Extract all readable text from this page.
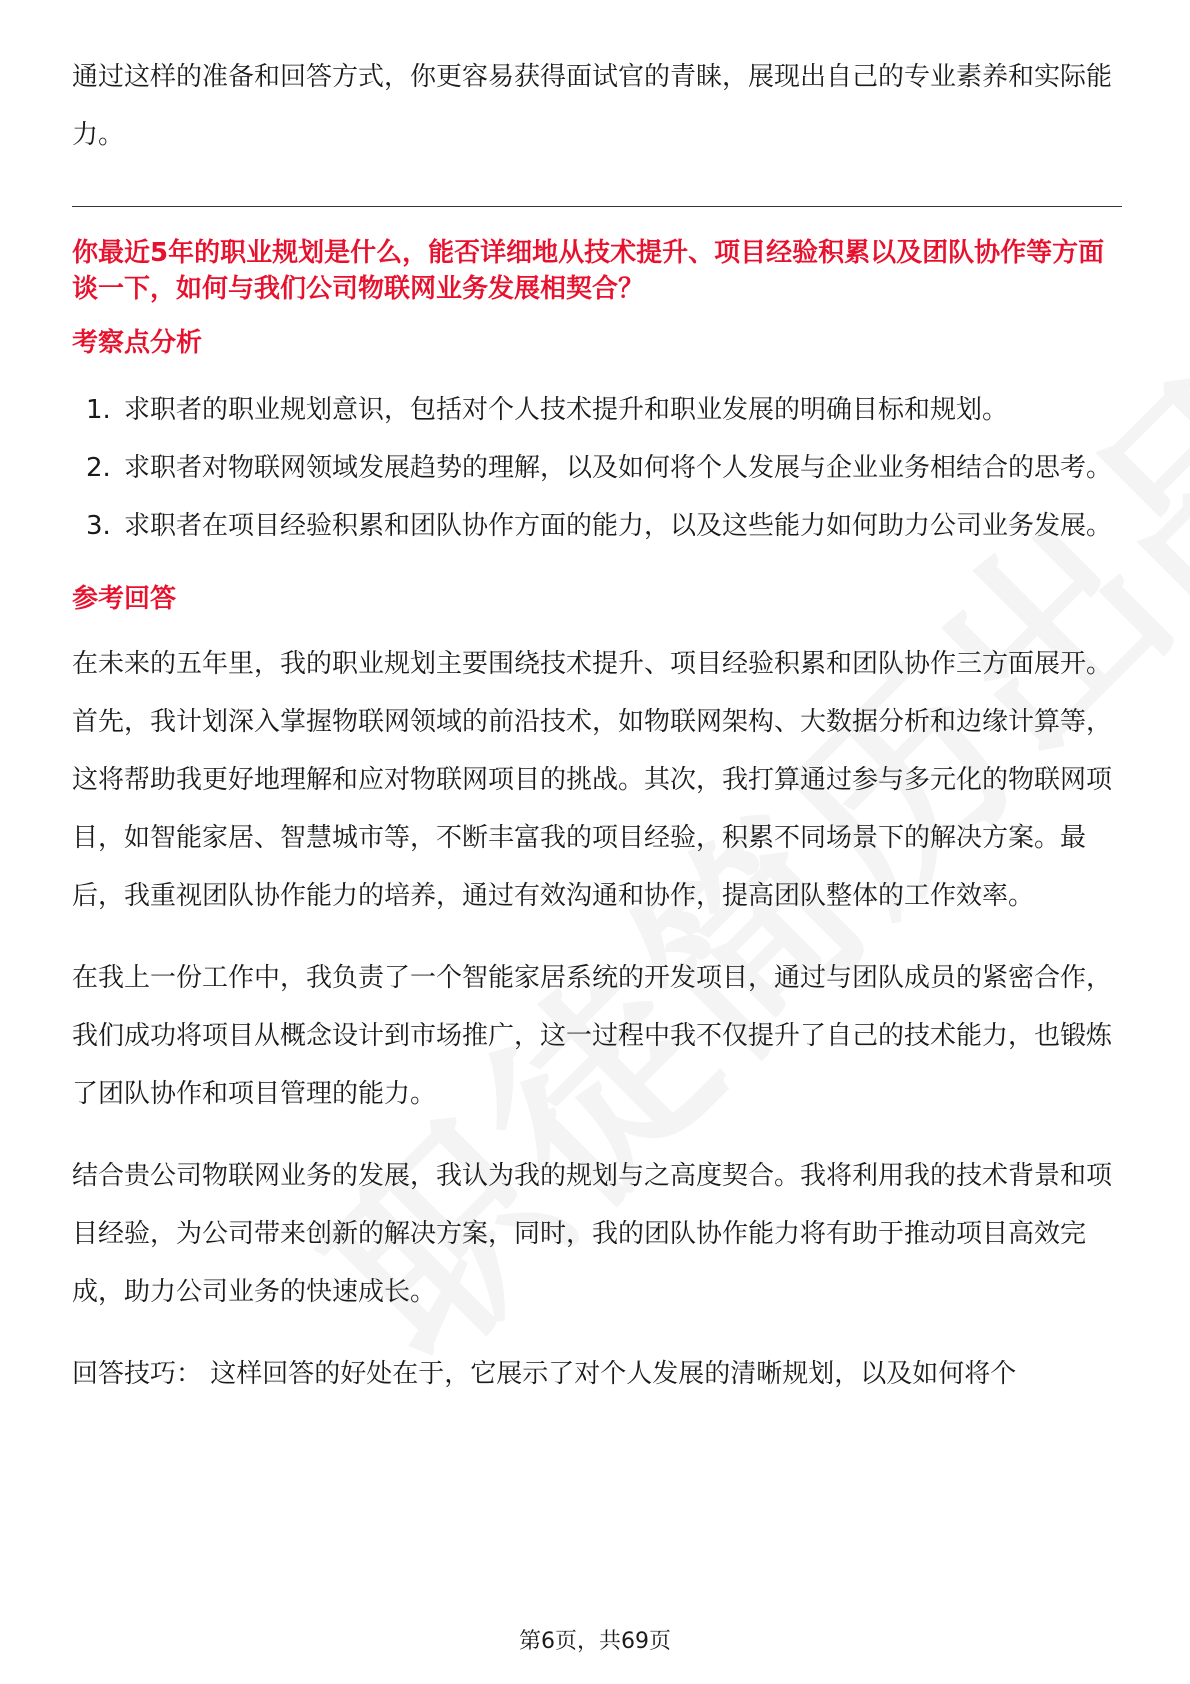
通过这样的准备和回答方式，你更容易获得面试官的青睐，展现出自己的专业素养和实际能力。

你最近5年的职业规划是什么，能否详细地从技术提升、项目经验积累以及团队协作等方面谈一下，如何与我们公司物联网业务发展相契合？
考察点分析
1. 求职者的职业规划意识，包括对个人技术提升和职业发展的明确目标和规划。
2. 求职者对物联网领域发展趋势的理解，以及如何将个人发展与企业业务相结合的思考。
3. 求职者在项目经验积累和团队协作方面的能力，以及这些能力如何助力公司业务发展。
参考回答

在未来的五年里，我的职业规划主要围绕技术提升、项目经验积累和团队协作三方面展开。首先，我计划深入掌握物联网领域的前沿技术，如物联网架构、大数据分析和边缘计算等，这将帮助我更好地理解和应对物联网项目的挑战。其次，我打算通过参与多元化的物联网项目，如智能家居、智慧城市等，不断丰富我的项目经验，积累不同场景下的解决方案。最后，我重视团队协作能力的培养，通过有效沟通和协作，提高团队整体的工作效率。

在我上一份工作中，我负责了一个智能家居系统的开发项目，通过与团队成员的紧密合作，我们成功将项目从概念设计到市场推广，这一过程中我不仅提升了自己的技术能力，也锻炼了团队协作和项目管理的能力。

结合贵公司物联网业务的发展，我认为我的规划与之高度契合。我将利用我的技术背景和项目经验，为公司带来创新的解决方案，同时，我的团队协作能力将有助于推动项目高效完成，助力公司业务的快速成长。

回答技巧： 这样回答的好处在于，它展示了对个人发展的清晰规划，以及如何将个

第6页，共69页
